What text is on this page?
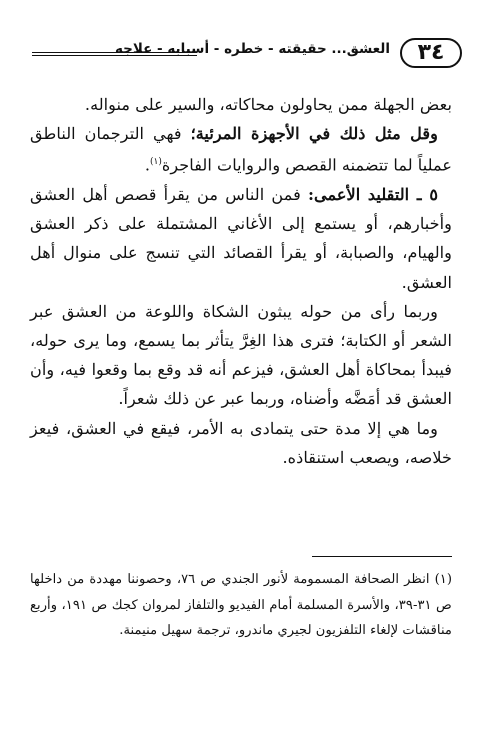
٣٤
العشق... حقيقته - خطره - أسبابه - علاجه

بعض الجهلة ممن يحاولون محاكاته، والسير على منواله.

وقل مثل ذلك في الأجهزة المرئية؛ فهي الترجمان الناطق عملياً لما تتضمنه القصص والروايات الفاجرة$^{(١)}$.

٥ ـ التقليد الأعمى: فمن الناس من يقرأ قصص أهل العشق وأخبارهم، أو يستمع إلى الأغاني المشتملة على ذكر العشق والهيام، والصبابة، أو يقرأ القصائد التي تنسج على منوال أهل العشق.

وربما رأى من حوله يبثون الشكاة واللوعة من العشق عبر الشعر أو الكتابة؛ فترى هذا الغِرَّ يتأثر بما يسمع، وما يرى حوله، فيبدأ بمحاكاة أهل العشق، فيزعم أنه قد وقع بما وقعوا فيه، وأن العشق قد أمَضَّه وأضناه، وربما عبر عن ذلك شعراً.

وما هي إلا مدة حتى يتمادى به الأمر، فيقع في العشق، فيعز خلاصه، ويصعب استنقاذه.

(١) انظر الصحافة المسمومة لأنور الجندي ص ٧٦، وحصوننا مهددة من داخلها ص ٣١-٣٩، والأسرة المسلمة أمام الفيديو والتلفاز لمروان كجك ص ١٩١، وأربع مناقشات لإلغاء التلفزيون لجيري ماندرو، ترجمة سهيل منيمنة.
